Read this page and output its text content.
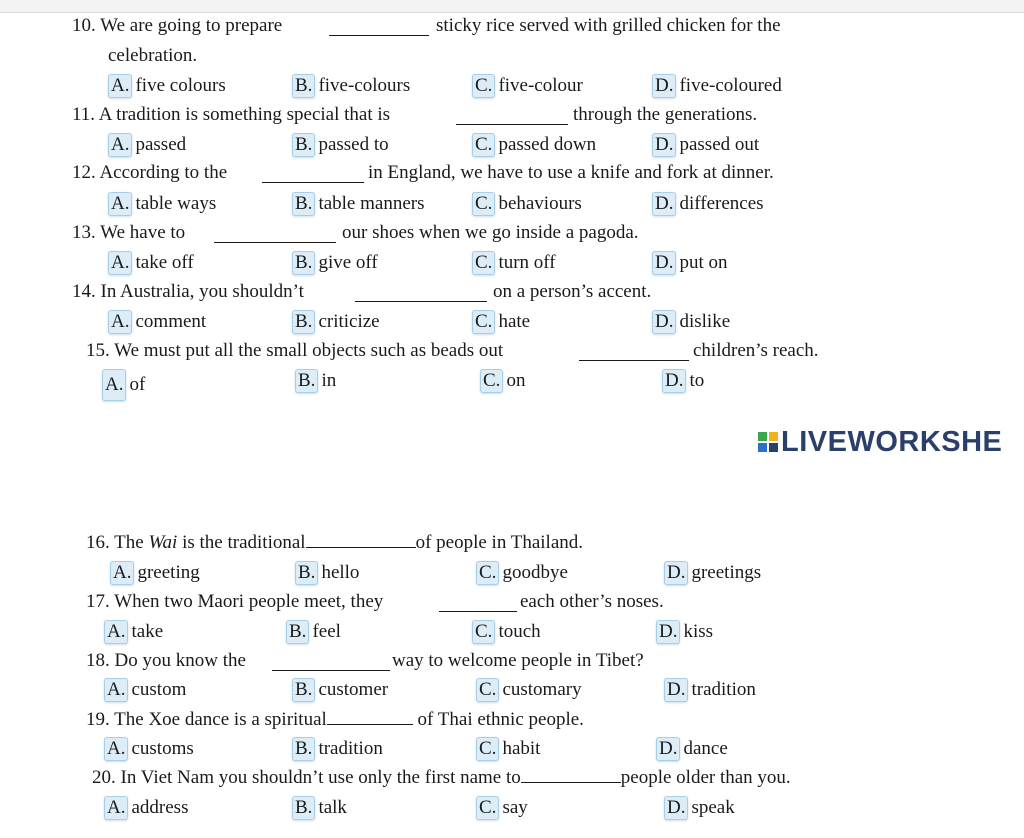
10. We are going to prepare	sticky rice served with grilled chicken for the
celebration.
A. five colours	B. five-colours	C. five-colour	D. five-coloured
11. A tradition is something special that is	through the generations.
A. passed	B. passed to	C. passed down	D. passed out
12. According to the	in England, we have to use a knife and fork at dinner.
A. table ways	B. table manners	C. behaviours	D. differences
13. We have to	our shoes when we go inside a pagoda.
A. take off	B. give off	C. turn off	D. put on
14. In Australia, you shouldn’t	on a person’s accent.
A. comment	B. criticize	C. hate	D. dislike
15. We must put all the small objects such as beads out	children’s reach.
A. of	B. in	C. on	D. to
LIVEWORKSHE
16. The Wai is the traditional	of people in Thailand.
A. greeting	B. hello	C. goodbye	D. greetings
17. When two Maori people meet, they	each other’s noses.
A. take	B. feel	C. touch	D. kiss
18. Do you know the	way to welcome people in Tibet?
A. custom	B. customer	C. customary	D. tradition
19. The Xoe dance is a spiritual	of Thai ethnic people.
A. customs	B. tradition	C. habit	D. dance
20. In Viet Nam you shouldn’t use only the first name to	people older than you.
A. address	B. talk	C. say	D. speak
